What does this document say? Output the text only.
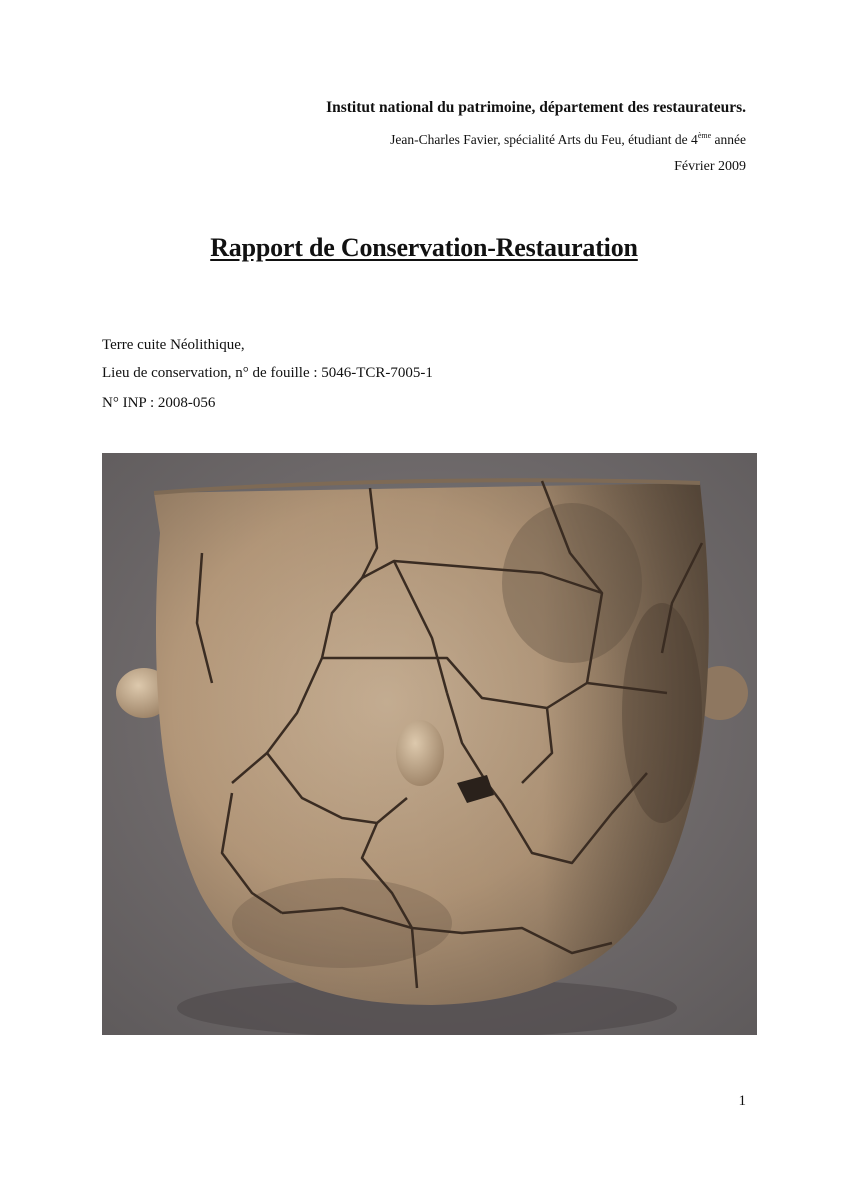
Institut national du patrimoine, département des restaurateurs.
Jean-Charles Favier, spécialité Arts du Feu, étudiant de 4ème année
Février 2009
Rapport de Conservation-Restauration
Terre cuite Néolithique,
Lieu de conservation, n° de fouille : 5046-TCR-7005-1
N° INP : 2008-056
1
